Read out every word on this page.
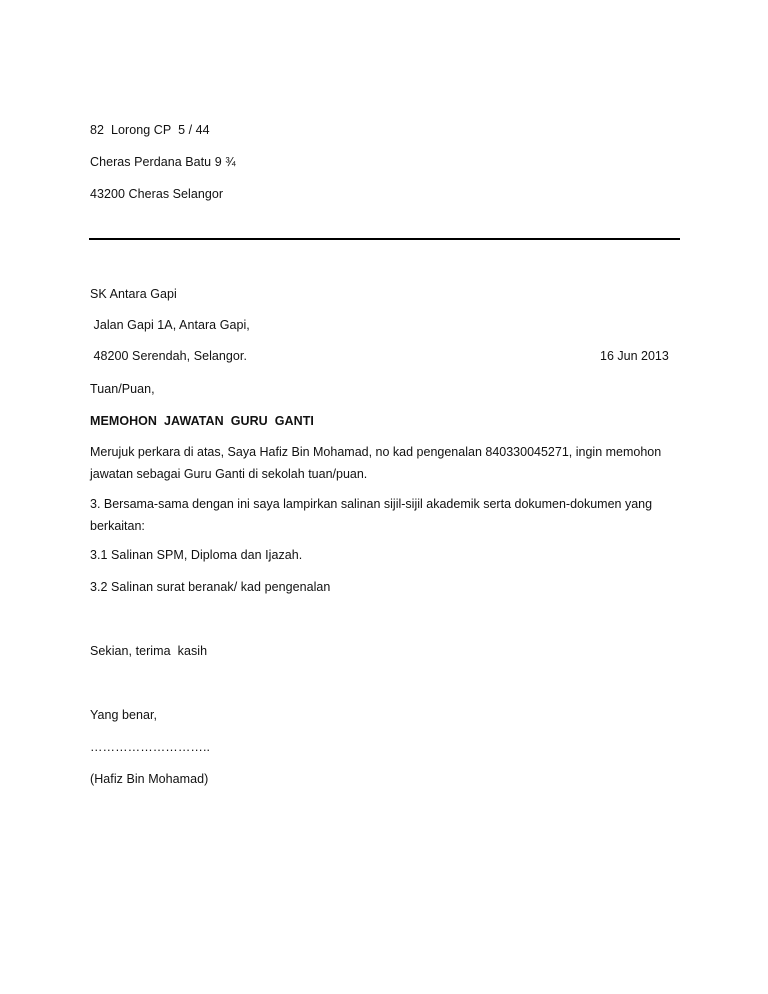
82  Lorong CP  5 / 44
Cheras Perdana Batu 9 ¾
43200 Cheras Selangor
SK Antara Gapi
Jalan Gapi 1A, Antara Gapi,
48200 Serendah, Selangor.	16 Jun 2013
Tuan/Puan,
MEMOHON  JAWATAN  GURU  GANTI
Merujuk perkara di atas, Saya Hafiz Bin Mohamad, no kad pengenalan 840330045271, ingin memohon jawatan sebagai Guru Ganti di sekolah tuan/puan.
3. Bersama-sama dengan ini saya lampirkan salinan sijil-sijil akademik serta dokumen-dokumen yang berkaitan:
3.1 Salinan SPM, Diploma dan Ijazah.
3.2 Salinan surat beranak/ kad pengenalan
Sekian, terima  kasih
Yang benar,
………………………..
(Hafiz Bin Mohamad)
